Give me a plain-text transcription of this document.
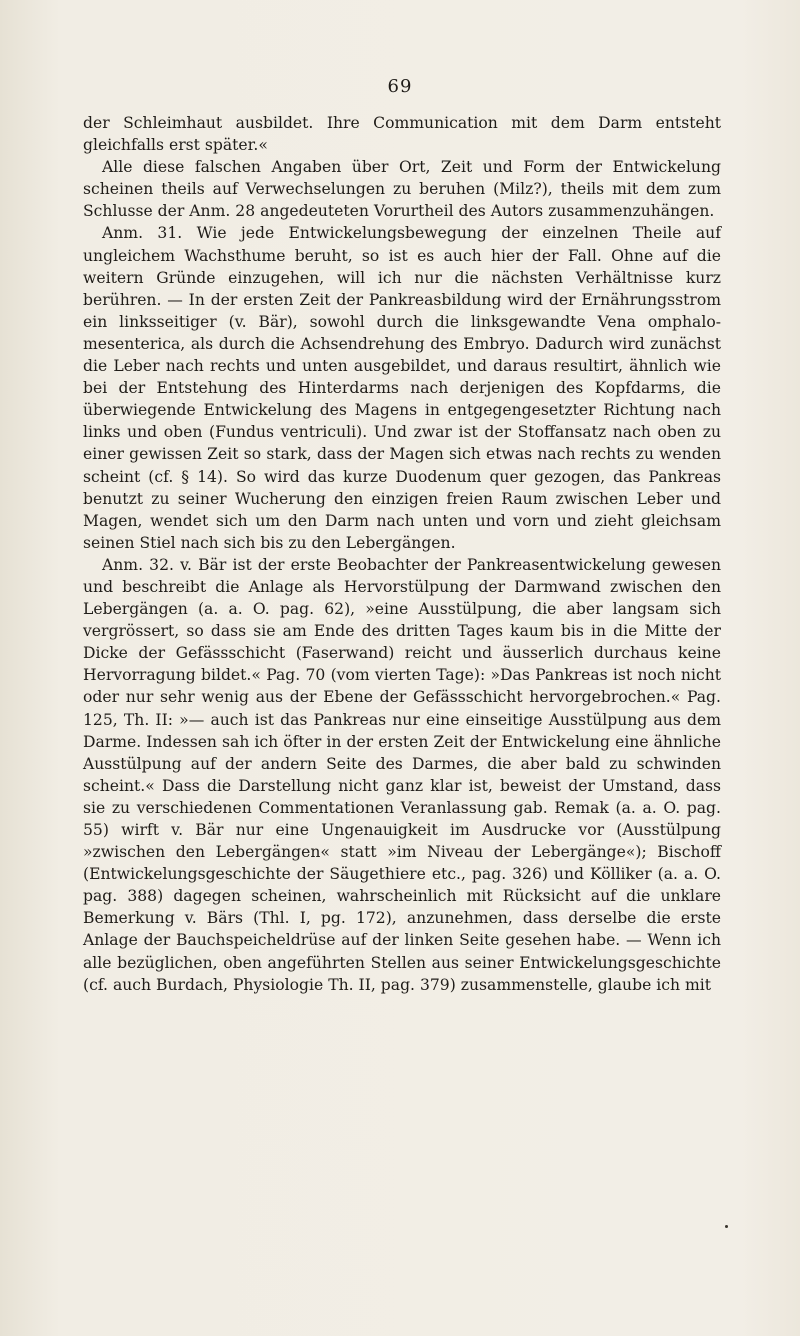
69

der Schleimhaut ausbildet. Ihre Communication mit dem Darm entsteht gleichfalls erst später.«

Alle diese falschen Angaben über Ort, Zeit und Form der Entwickelung scheinen theils auf Verwechselungen zu beruhen (Milz?), theils mit dem zum Schlusse der Anm. 28 angedeuteten Vorurtheil des Autors zusammenzuhängen.

Anm. 31. Wie jede Entwickelungsbewegung der einzelnen Theile auf ungleichem Wachsthume beruht, so ist es auch hier der Fall. Ohne auf die weitern Gründe einzugehen, will ich nur die nächsten Verhältnisse kurz berühren. — In der ersten Zeit der Pankreasbildung wird der Ernährungsstrom ein linksseitiger (v. Bär), sowohl durch die linksgewandte Vena omphalo-mesenterica, als durch die Achsendrehung des Embryo. Dadurch wird zunächst die Leber nach rechts und unten ausgebildet, und daraus resultirt, ähnlich wie bei der Entstehung des Hinterdarms nach derjenigen des Kopfdarms, die überwiegende Entwickelung des Magens in entgegengesetzter Richtung nach links und oben (Fundus ventriculi). Und zwar ist der Stoffansatz nach oben zu einer gewissen Zeit so stark, dass der Magen sich etwas nach rechts zu wenden scheint (cf. § 14). So wird das kurze Duodenum quer gezogen, das Pankreas benutzt zu seiner Wucherung den einzigen freien Raum zwischen Leber und Magen, wendet sich um den Darm nach unten und vorn und zieht gleichsam seinen Stiel nach sich bis zu den Lebergängen.

Anm. 32. v. Bär ist der erste Beobachter der Pankreasentwickelung gewesen und beschreibt die Anlage als Hervorstülpung der Darmwand zwischen den Lebergängen (a. a. O. pag. 62), »eine Ausstülpung, die aber langsam sich vergrössert, so dass sie am Ende des dritten Tages kaum bis in die Mitte der Dicke der Gefässschicht (Faserwand) reicht und äusserlich durchaus keine Hervorragung bildet.« Pag. 70 (vom vierten Tage): »Das Pankreas ist noch nicht oder nur sehr wenig aus der Ebene der Gefässschicht hervorgebrochen.« Pag. 125, Th. II: »— auch ist das Pankreas nur eine einseitige Ausstülpung aus dem Darme. Indessen sah ich öfter in der ersten Zeit der Entwickelung eine ähnliche Ausstülpung auf der andern Seite des Darmes, die aber bald zu schwinden scheint.« Dass die Darstellung nicht ganz klar ist, beweist der Umstand, dass sie zu verschiedenen Commentationen Veranlassung gab. Remak (a. a. O. pag. 55) wirft v. Bär nur eine Ungenauigkeit im Ausdrucke vor (Ausstülpung »zwischen den Lebergängen« statt »im Niveau der Lebergänge«); Bischoff (Entwickelungsgeschichte der Säugethiere etc., pag. 326) und Kölliker (a. a. O. pag. 388) dagegen scheinen, wahrscheinlich mit Rücksicht auf die unklare Bemerkung v. Bärs (Thl. I, pg. 172), anzunehmen, dass derselbe die erste Anlage der Bauchspeicheldrüse auf der linken Seite gesehen habe. — Wenn ich alle bezüglichen, oben angeführten Stellen aus seiner Entwickelungsgeschichte (cf. auch Burdach, Physiologie Th. II, pag. 379) zusammenstelle, glaube ich mit
